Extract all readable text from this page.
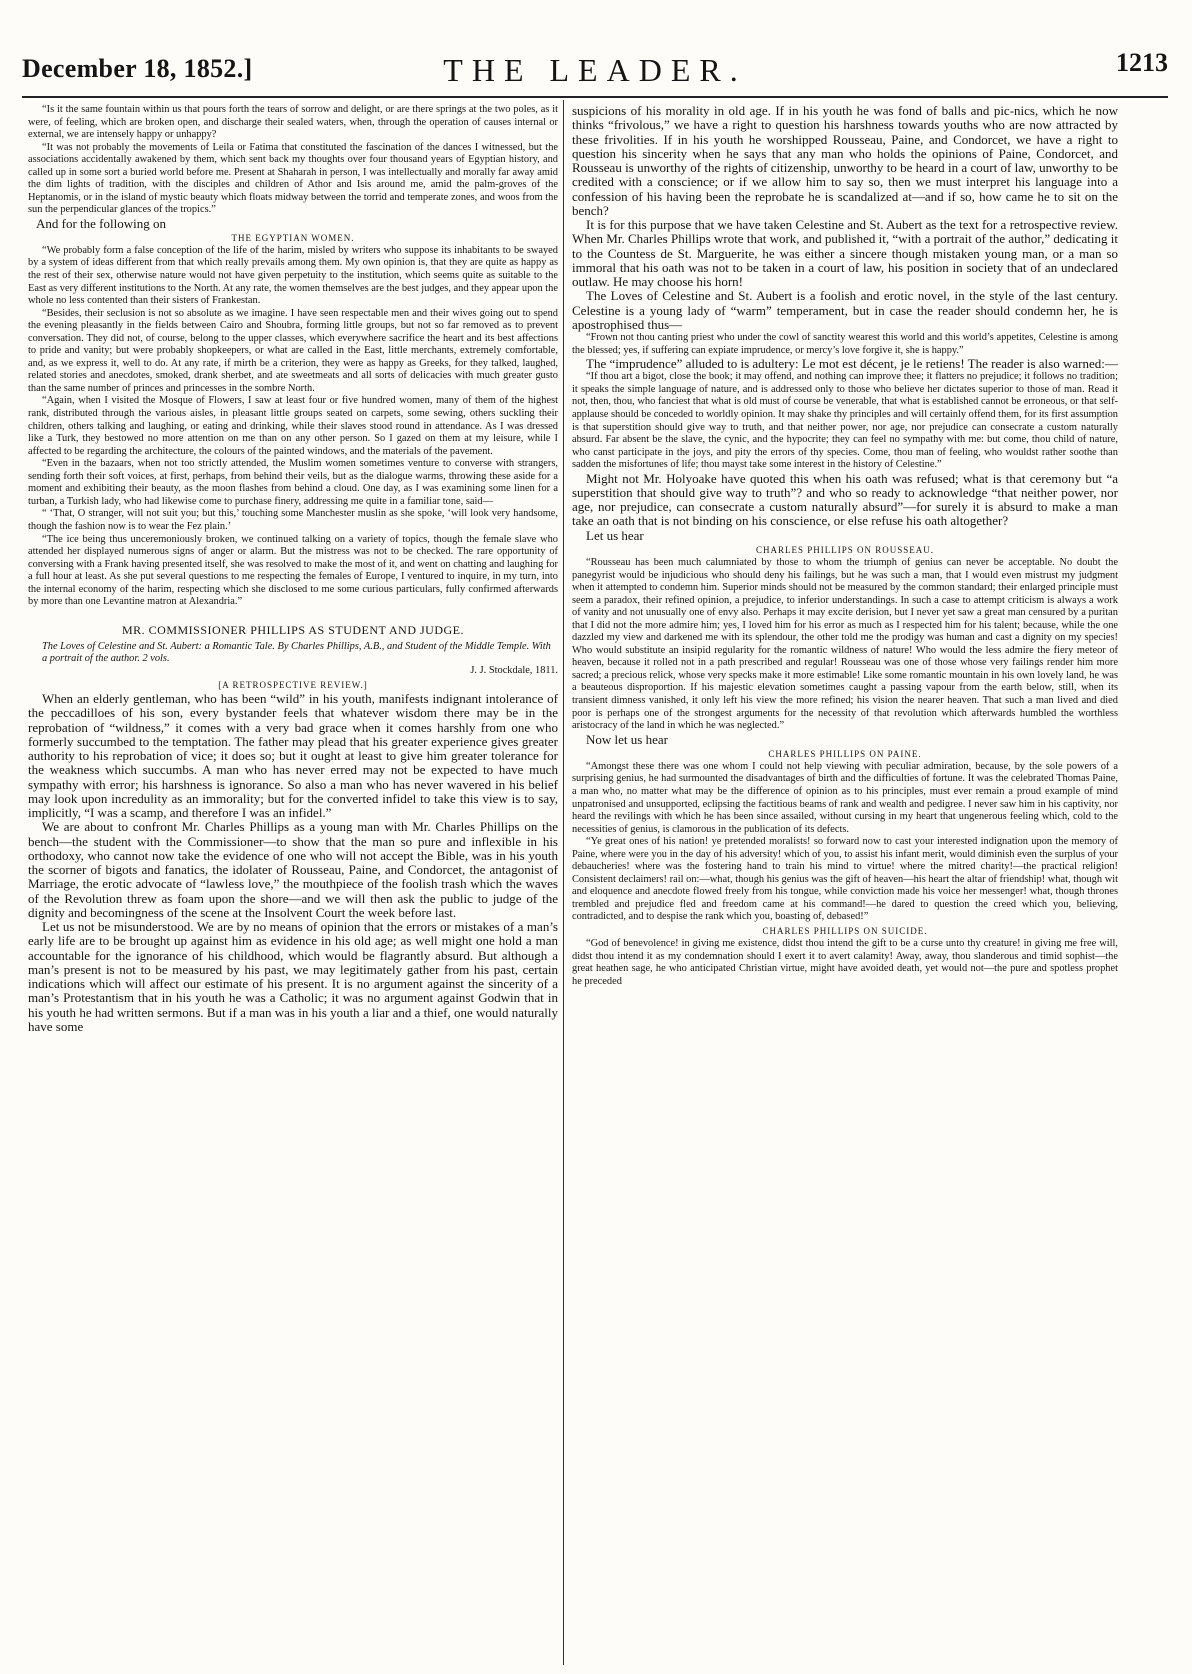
December 18, 1852.]	THE LEADER.	1213

“Is it the same fountain within us that pours forth the tears of sorrow and delight, or are there springs at the two poles, as it were, of feeling, which are broken open, and discharge their sealed waters, when, through the operation of causes internal or external, we are intensely happy or unhappy?

“It was not probably the movements of Leila or Fatima that constituted the fascination of the dances I witnessed, but the associations accidentally awakened by them, which sent back my thoughts over four thousand years of Egyptian history, and called up in some sort a buried world before me. Present at Shaharah in person, I was intellectually and morally far away amid the dim lights of tradition, with the disciples and children of Athor and Isis around me, amid the palm-groves of the Heptanomis, or in the island of mystic beauty which floats midway between the torrid and temperate zones, and woos from the sun the perpendicular glances of the tropics.”

And for the following on

THE EGYPTIAN WOMEN.

“We probably form a false conception of the life of the harim, misled by writers who suppose its inhabitants to be swayed by a system of ideas different from that which really prevails among them. My own opinion is, that they are quite as happy as the rest of their sex, otherwise nature would not have given perpetuity to the institution, which seems quite as suitable to the East as very different institutions to the North. At any rate, the women themselves are the best judges, and they appear upon the whole no less contented than their sisters of Frankestan.

“Besides, their seclusion is not so absolute as we imagine. I have seen respectable men and their wives going out to spend the evening pleasantly in the fields between Cairo and Shoubra, forming little groups, but not so far removed as to prevent conversation. They did not, of course, belong to the upper classes, which everywhere sacrifice the heart and its best affections to pride and vanity; but were probably shopkeepers, or what are called in the East, little merchants, extremely comfortable, and, as we express it, well to do. At any rate, if mirth be a criterion, they were as happy as Greeks, for they talked, laughed, related stories and anecdotes, smoked, drank sherbet, and ate sweetmeats and all sorts of delicacies with much greater gusto than the same number of princes and princesses in the sombre North.

“Again, when I visited the Mosque of Flowers, I saw at least four or five hundred women, many of them of the highest rank, distributed through the various aisles, in pleasant little groups seated on carpets, some sewing, others suckling their children, others talking and laughing, or eating and drinking, while their slaves stood round in attendance. As I was dressed like a Turk, they bestowed no more attention on me than on any other person. So I gazed on them at my leisure, while I affected to be regarding the architecture, the colours of the painted windows, and the materials of the pavement.

“Even in the bazaars, when not too strictly attended, the Muslim women sometimes venture to converse with strangers, sending forth their soft voices, at first, perhaps, from behind their veils, but as the dialogue warms, throwing these aside for a moment and exhibiting their beauty, as the moon flashes from behind a cloud. One day, as I was examining some linen for a turban, a Turkish lady, who had likewise come to purchase finery, addressing me quite in a familiar tone, said—

“ ‘That, O stranger, will not suit you; but this,’ touching some Manchester muslin as she spoke, ‘will look very handsome, though the fashion now is to wear the Fez plain.’

“The ice being thus unceremoniously broken, we continued talking on a variety of topics, though the female slave who attended her displayed numerous signs of anger or alarm. But the mistress was not to be checked. The rare opportunity of conversing with a Frank having presented itself, she was resolved to make the most of it, and went on chatting and laughing for a full hour at least. As she put several questions to me respecting the females of Europe, I ventured to inquire, in my turn, into the internal economy of the harim, respecting which she disclosed to me some curious particulars, fully confirmed afterwards by more than one Levantine matron at Alexandria.”

MR. COMMISSIONER PHILLIPS AS STUDENT AND JUDGE.

The Loves of Celestine and St. Aubert: a Romantic Tale. By Charles Phillips, A.B., and Student of the Middle Temple. With a portrait of the author. 2 vols.

J. J. Stockdale, 1811.

[A RETROSPECTIVE REVIEW.]

When an elderly gentleman, who has been “wild” in his youth, manifests indignant intolerance of the peccadilloes of his son, every bystander feels that whatever wisdom there may be in the reprobation of “wildness,” it comes with a very bad grace when it comes harshly from one who formerly succumbed to the temptation. The father may plead that his greater experience gives greater authority to his reprobation of vice; it does so; but it ought at least to give him greater tolerance for the weakness which succumbs. A man who has never erred may not be expected to have much sympathy with error; his harshness is ignorance. So also a man who has never wavered in his belief may look upon incredulity as an immorality; but for the converted infidel to take this view is to say, implicitly, “I was a scamp, and therefore I was an infidel.”

We are about to confront Mr. Charles Phillips as a young man with Mr. Charles Phillips on the bench—the student with the Commissioner—to show that the man so pure and inflexible in his orthodoxy, who cannot now take the evidence of one who will not accept the Bible, was in his youth the scorner of bigots and fanatics, the idolater of Rousseau, Paine, and Condorcet, the antagonist of Marriage, the erotic advocate of “lawless love,” the mouthpiece of the foolish trash which the waves of the Revolution threw as foam upon the shore—and we will then ask the public to judge of the dignity and becomingness of the scene at the Insolvent Court the week before last.

Let us not be misunderstood. We are by no means of opinion that the errors or mistakes of a man’s early life are to be brought up against him as evidence in his old age; as well might one hold a man accountable for the ignorance of his childhood, which would be flagrantly absurd. But although a man’s present is not to be measured by his past, we may legitimately gather from his past, certain indications which will affect our estimate of his present. It is no argument against the sincerity of a man’s Protestantism that in his youth he was a Catholic; it was no argument against Godwin that in his youth he had written sermons. But if a man was in his youth a liar and a thief, one would naturally have some

suspicions of his morality in old age. If in his youth he was fond of balls and pic-nics, which he now thinks “frivolous,” we have a right to question his harshness towards youths who are now attracted by these frivolities. If in his youth he worshipped Rousseau, Paine, and Condorcet, we have a right to question his sincerity when he says that any man who holds the opinions of Paine, Condorcet, and Rousseau is unworthy of the rights of citizenship, unworthy to be heard in a court of law, unworthy to be credited with a conscience; or if we allow him to say so, then we must interpret his language into a confession of his having been the reprobate he is scandalized at—and if so, how came he to sit on the bench?

It is for this purpose that we have taken Celestine and St. Aubert as the text for a retrospective review. When Mr. Charles Phillips wrote that work, and published it, “with a portrait of the author,” dedicating it to the Countess de St. Marguerite, he was either a sincere though mistaken young man, or a man so immoral that his oath was not to be taken in a court of law, his position in society that of an undeclared outlaw. He may choose his horn!

The Loves of Celestine and St. Aubert is a foolish and erotic novel, in the style of the last century. Celestine is a young lady of “warm” temperament, but in case the reader should condemn her, he is apostrophised thus—

“Frown not thou canting priest who under the cowl of sanctity wearest this world and this world’s appetites, Celestine is among the blessed; yes, if suffering can expiate imprudence, or mercy’s love forgive it, she is happy.”

The “imprudence” alluded to is adultery: Le mot est décent, je le retiens! The reader is also warned:—

“If thou art a bigot, close the book; it may offend, and nothing can improve thee; it flatters no prejudice; it follows no tradition; it speaks the simple language of nature, and is addressed only to those who believe her dictates superior to those of man. Read it not, then, thou, who fanciest that what is old must of course be venerable, that what is established cannot be erroneous, or that self-applause should be conceded to worldly opinion. It may shake thy principles and will certainly offend them, for its first assumption is that superstition should give way to truth, and that neither power, nor age, nor prejudice can consecrate a custom naturally absurd. Far absent be the slave, the cynic, and the hypocrite; they can feel no sympathy with me: but come, thou child of nature, who canst participate in the joys, and pity the errors of thy species. Come, thou man of feeling, who wouldst rather soothe than sadden the misfortunes of life; thou mayst take some interest in the history of Celestine.”

Might not Mr. Holyoake have quoted this when his oath was refused; what is that ceremony but “a superstition that should give way to truth”? and who so ready to acknowledge “that neither power, nor age, nor prejudice, can consecrate a custom naturally absurd”—for surely it is absurd to make a man take an oath that is not binding on his conscience, or else refuse his oath altogether?

Let us hear

CHARLES PHILLIPS ON ROUSSEAU.

“Rousseau has been much calumniated by those to whom the triumph of genius can never be acceptable. No doubt the panegyrist would be injudicious who should deny his failings, but he was such a man, that I would even mistrust my judgment when it attempted to condemn him. Superior minds should not be measured by the common standard; their enlarged principle must seem a paradox, their refined opinion, a prejudice, to inferior understandings. In such a case to attempt criticism is always a work of vanity and not unusually one of envy also. Perhaps it may excite derision, but I never yet saw a great man censured by a puritan that I did not the more admire him; yes, I loved him for his error as much as I respected him for his talent; because, while the one dazzled my view and darkened me with its splendour, the other told me the prodigy was human and cast a dignity on my species! Who would substitute an insipid regularity for the romantic wildness of nature! Who would the less admire the fiery meteor of heaven, because it rolled not in a path prescribed and regular! Rousseau was one of those whose very failings render him more sacred; a precious relick, whose very specks make it more estimable! Like some romantic mountain in his own lovely land, he was a beauteous disproportion. If his majestic elevation sometimes caught a passing vapour from the earth below, still, when its transient dimness vanished, it only left his view the more refined; his vision the nearer heaven. That such a man lived and died poor is perhaps one of the strongest arguments for the necessity of that revolution which afterwards humbled the worthless aristocracy of the land in which he was neglected.”

Now let us hear

CHARLES PHILLIPS ON PAINE.

“Amongst these there was one whom I could not help viewing with peculiar admiration, because, by the sole powers of a surprising genius, he had surmounted the disadvantages of birth and the difficulties of fortune. It was the celebrated Thomas Paine, a man who, no matter what may be the difference of opinion as to his principles, must ever remain a proud example of mind unpatronised and unsupported, eclipsing the factitious beams of rank and wealth and pedigree. I never saw him in his captivity, nor heard the revilings with which he has been since assailed, without cursing in my heart that ungenerous feeling which, cold to the necessities of genius, is clamorous in the publication of its defects.

“Ye great ones of his nation! ye pretended moralists! so forward now to cast your interested indignation upon the memory of Paine, where were you in the day of his adversity! which of you, to assist his infant merit, would diminish even the surplus of your debaucheries! where was the fostering hand to train his mind to virtue! where the mitred charity!—the practical religion! Consistent declaimers! rail on:—what, though his genius was the gift of heaven—his heart the altar of friendship! what, though wit and eloquence and anecdote flowed freely from his tongue, while conviction made his voice her messenger! what, though thrones trembled and prejudice fled and freedom came at his command!—he dared to question the creed which you, believing, contradicted, and to despise the rank which you, boasting of, debased!”

CHARLES PHILLIPS ON SUICIDE.

“God of benevolence! in giving me existence, didst thou intend the gift to be a curse unto thy creature! in giving me free will, didst thou intend it as my condemnation should I exert it to avert calamity! Away, away, thou slanderous and timid sophist—the great heathen sage, he who anticipated Christian virtue, might have avoided death, yet would not—the pure and spotless prophet he preceded
